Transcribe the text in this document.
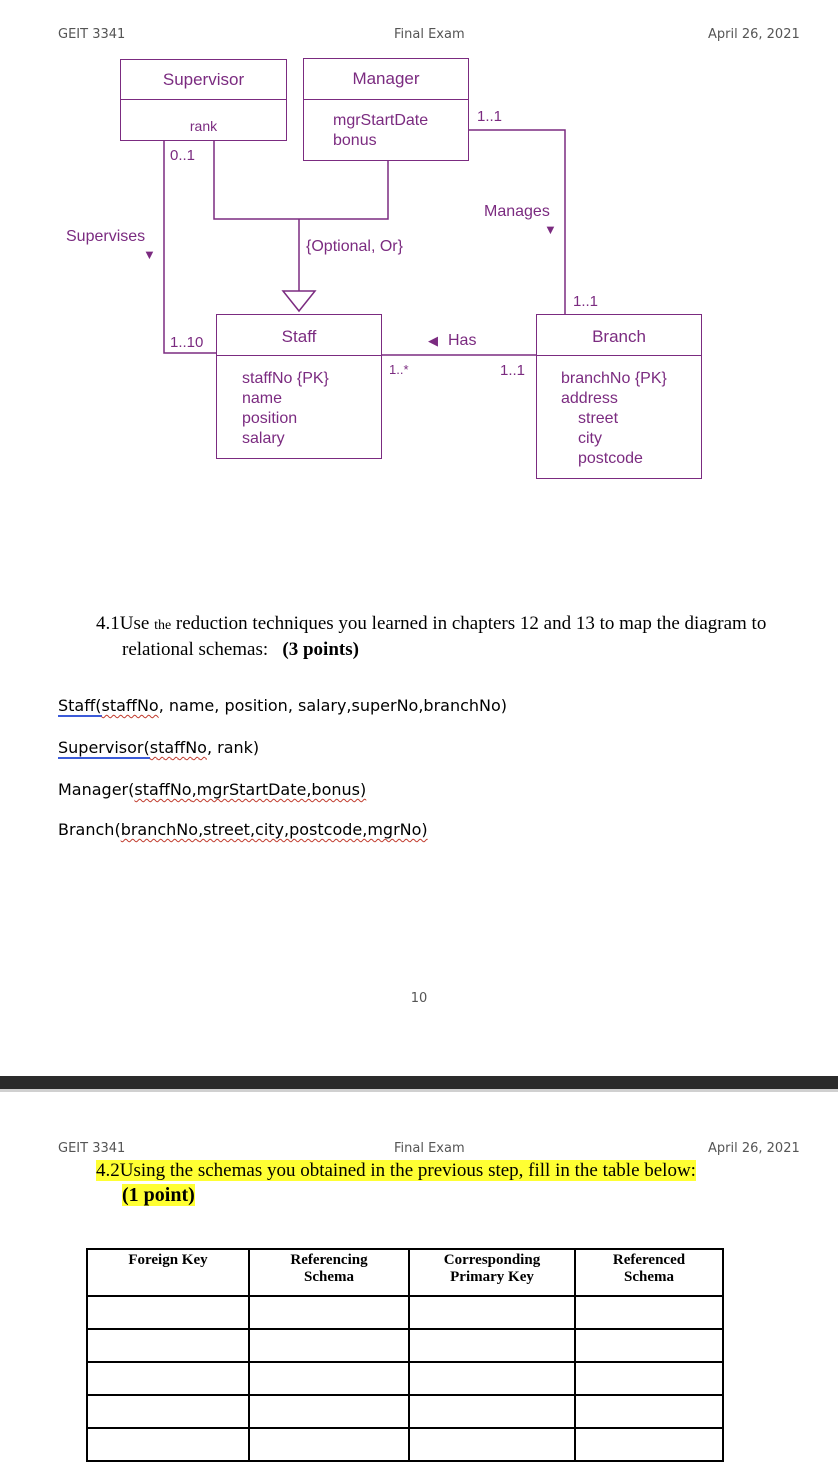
GEIT 3341	Final Exam	April 26, 2021
Supervisor
rank
Manager
mgrStartDate
bonus
Staff
staffNo {PK}
name
position
salary
Branch
branchNo {PK}
address
street
city
postcode
0..1
Supervises
▼
1..10
{Optional, Or}
1..1
Manages
▼
1..1
◀ Has
1..*	1..1
4.1Use the reduction techniques you learned in chapters 12 and 13 to map the diagram to
relational schemas: (3 points)
Staff(staffNo, name, position, salary,superNo,branchNo)
Supervisor(staffNo, rank)
Manager(staffNo,mgrStartDate,bonus)
Branch(branchNo,street,city,postcode,mgrNo)
10
GEIT 3341	Final Exam	April 26, 2021
4.2Using the schemas you obtained in the previous step, fill in the table below:
(1 point)
Foreign Key	Referencing Schema	Corresponding Primary Key	Referenced Schema
